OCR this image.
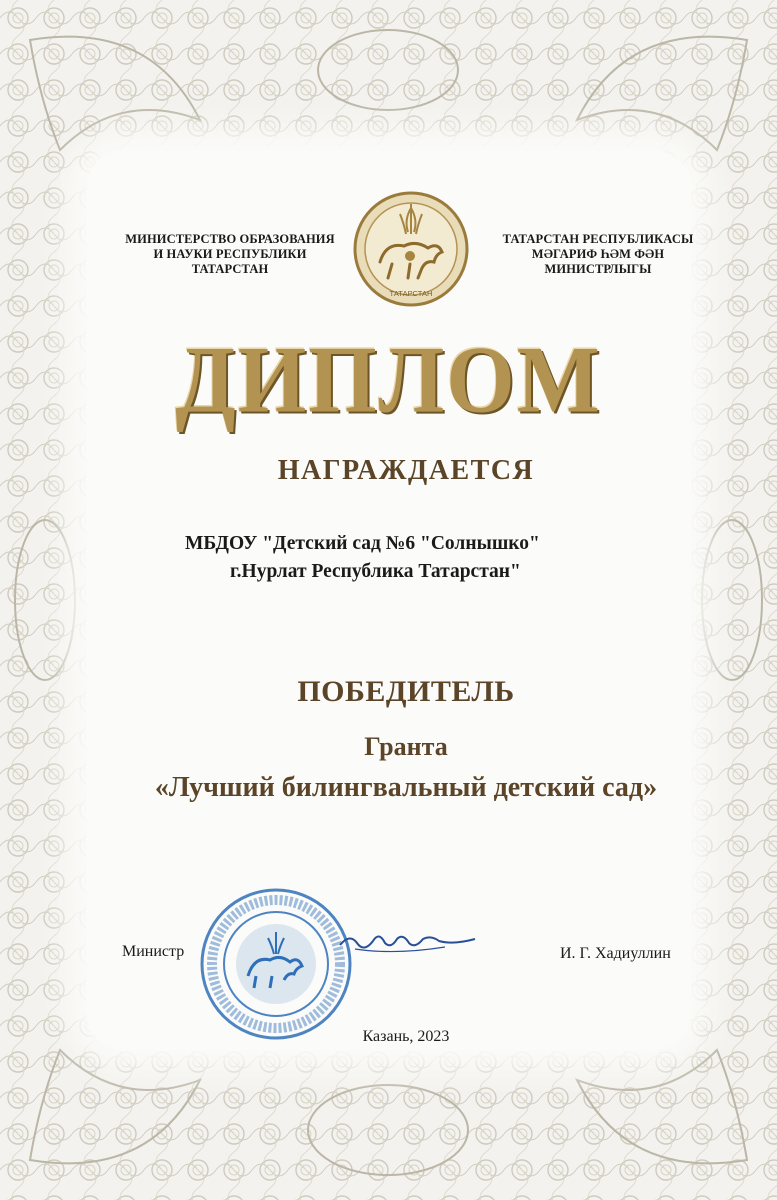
МИНИСТЕРСТВО ОБРАЗОВАНИЯ
И НАУКИ РЕСПУБЛИКИ
ТАТАРСТАН
ТАТАРСТАН
ТАТАРСТАН РЕСПУБЛИКАСЫ
МӘГАРИФ ҺӘМ ФӘН
МИНИСТРЛЫГЫ
ДИПЛОМ
НАГРАЖДАЕТСЯ
МБДОУ "Детский сад №6 "Солнышко"
г.Нурлат Республика Татарстан"
ПОБЕДИТЕЛЬ
Гранта
«Лучший билингвальный детский сад»
Министр	И. Г. Хадиуллин
Казань, 2023
